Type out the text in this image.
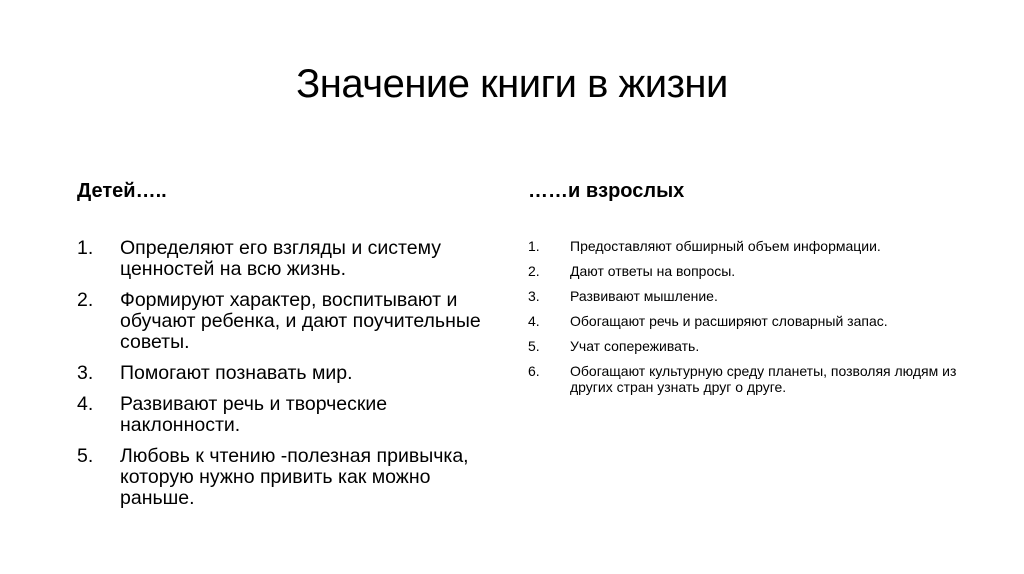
Значение книги в жизни
Детей…..	……и взрослых
1.	Определяют его взгляды и систему ценностей на всю жизнь.
2.	Формируют характер, воспитывают и обучают ребенка, и дают поучительные советы.
3.	Помогают познавать мир.
4.	Развивают речь и творческие наклонности.
5.	Любовь к чтению -полезная привычка, которую нужно привить как можно раньше.
1.	Предоставляют обширный объем информации.
2.	Дают ответы на вопросы.
3.	Развивают мышление.
4.	Обогащают речь и расширяют словарный запас.
5.	Учат сопереживать.
6.	Обогащают культурную среду планеты, позволяя людям из других стран узнать друг о друге.
